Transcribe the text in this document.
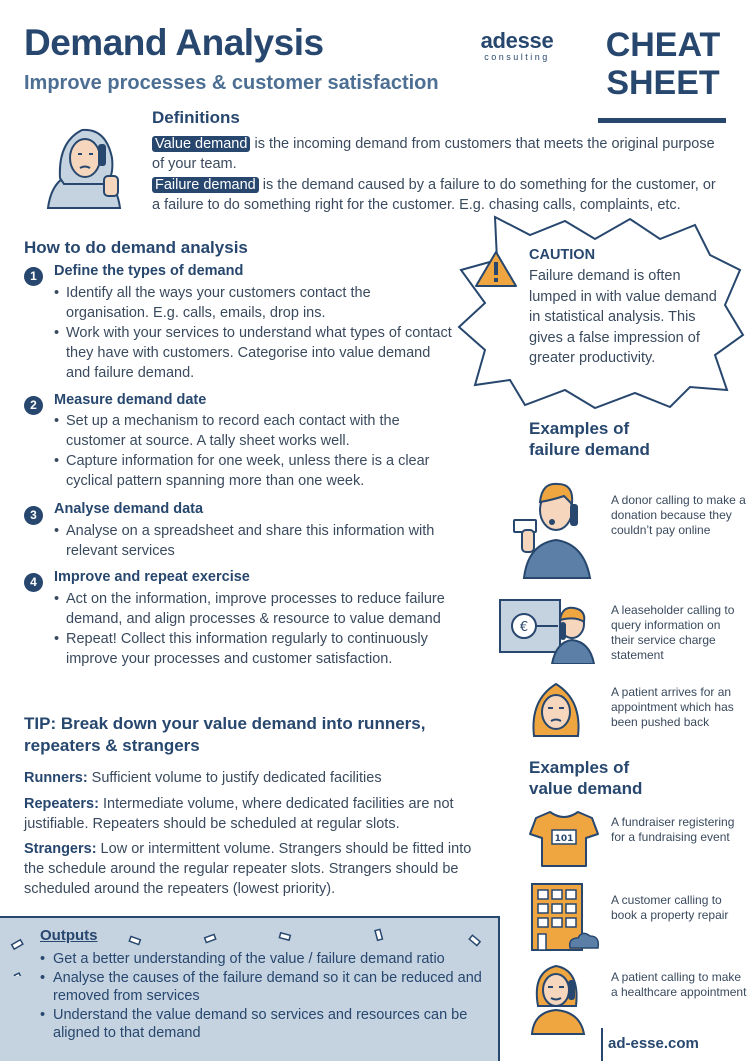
Demand Analysis
Improve processes & customer satisfaction
adesse
consulting	CHEAT
SHEET
Definitions
Value demand is the incoming demand from customers that meets the original purpose of your team.
Failure demand is the demand caused by a failure to do something for the customer, or a failure to do something right for the customer. E.g. chasing calls, complaints, etc.
How to do demand analysis
1	Define the types of demand
• Identify all the ways your customers contact the organisation. E.g. calls, emails, drop ins.
• Work with your services to understand what types of contact they have with customers. Categorise into value demand and failure demand.
2	Measure demand date
• Set up a mechanism to record each contact with the customer at source. A tally sheet works well.
• Capture information for one week, unless there is a clear cyclical pattern spanning more than one week.
3	Analyse demand data
• Analyse on a spreadsheet and share this information with relevant services
4	Improve and repeat exercise
• Act on the information, improve processes to reduce failure demand, and align processes & resource to value demand
• Repeat! Collect this information regularly to continuously improve your processes and customer satisfaction.
CAUTION
Failure demand is often lumped in with value demand in statistical analysis. This gives a false impression of greater productivity.
Examples of
failure demand
A donor calling to make a donation because they couldn’t pay online
€
A leaseholder calling to query information on their service charge statement
A patient arrives for an appointment which has been pushed back
Examples of
value demand
101
A fundraiser registering for a fundraising event
A customer calling to book a property repair
A patient calling to make a healthcare appointment
TIP: Break down your value demand into runners, repeaters & strangers
Runners: Sufficient volume to justify dedicated facilities
Repeaters: Intermediate volume, where dedicated facilities are not justifiable. Repeaters should be scheduled at regular slots.
Strangers: Low or intermittent volume. Strangers should be fitted into the schedule around the regular repeater slots. Strangers should be scheduled around the repeaters (lowest priority).
Outputs
• Get a better understanding of the value / failure demand ratio
• Analyse the causes of the failure demand so it can be reduced and removed from services
• Understand the value demand so services and resources can be aligned to that demand
ad-esse.com
